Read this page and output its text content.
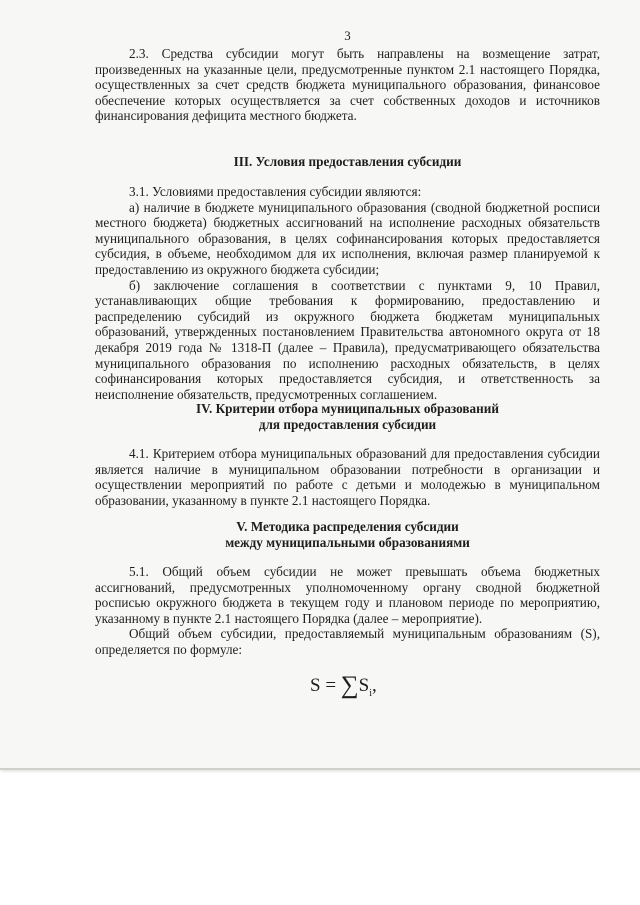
3

2.3. Средства субсидии могут быть направлены на возмещение затрат, произведенных на указанные цели, предусмотренные пунктом 2.1 настоящего Порядка, осуществленных за счет средств бюджета муниципального образования, финансовое обеспечение которых осуществляется за счет собственных доходов и источников финансирования дефицита местного бюджета.

III. Условия предоставления субсидии

3.1. Условиями предоставления субсидии являются:

а) наличие в бюджете муниципального образования (сводной бюджетной росписи местного бюджета) бюджетных ассигнований на исполнение расходных обязательств муниципального образования, в целях софинансирования которых предоставляется субсидия, в объеме, необходимом для их исполнения, включая размер планируемой к предоставлению из окружного бюджета субсидии;

б) заключение соглашения в соответствии с пунктами 9, 10 Правил, устанавливающих общие требования к формированию, предоставлению и распределению субсидий из окружного бюджета бюджетам муниципальных образований, утвержденных постановлением Правительства автономного округа от 18 декабря 2019 года № 1318-П (далее – Правила), предусматривающего обязательства муниципального образования по исполнению расходных обязательств, в целях софинансирования которых предоставляется субсидия, и ответственность за неисполнение обязательств, предусмотренных соглашением.

IV. Критерии отбора муниципальных образований

для предоставления субсидии

4.1. Критерием отбора муниципальных образований для предоставления субсидии является наличие в муниципальном образовании потребности в организации и осуществлении мероприятий по работе с детьми и молодежью в муниципальном образовании, указанному в пункте 2.1 настоящего Порядка.

V. Методика распределения субсидии

между муниципальными образованиями

5.1. Общий объем субсидии не может превышать объема бюджетных ассигнований, предусмотренных уполномоченному органу сводной бюджетной росписью окружного бюджета в текущем году и плановом периоде по мероприятию, указанному в пункте 2.1 настоящего Порядка (далее – мероприятие).

Общий объем субсидии, предоставляемый муниципальным образованиям (S), определяется по формуле:

$S = \sum S_i$,
